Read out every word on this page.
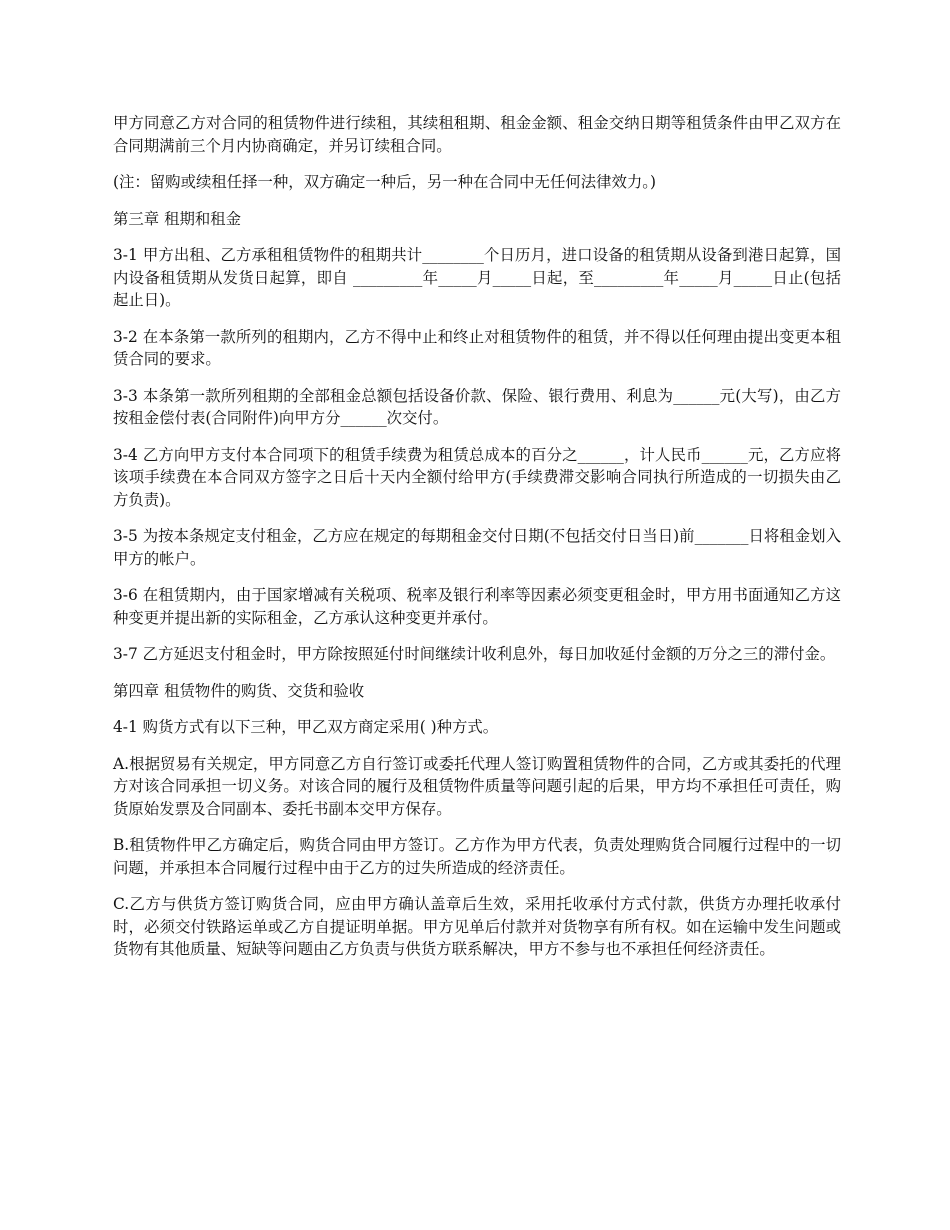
甲方同意乙方对合同的租赁物件进行续租，其续租租期、租金金额、租金交纳日期等租赁条件由甲乙双方在合同期满前三个月内协商确定，并另订续租合同。

(注：留购或续租任择一种，双方确定一种后，另一种在合同中无任何法律效力。)

第三章 租期和租金

3-1 甲方出租、乙方承租租赁物件的租期共计________个日历月，进口设备的租赁期从设备到港日起算，国内设备租赁期从发货日起算，即自 _________年_____月_____日起，至_________年_____月_____日止(包括起止日)。

3-2 在本条第一款所列的租期内，乙方不得中止和终止对租赁物件的租赁，并不得以任何理由提出变更本租赁合同的要求。

3-3 本条第一款所列租期的全部租金总额包括设备价款、保险、银行费用、利息为______元(大写)，由乙方按租金偿付表(合同附件)向甲方分______次交付。

3-4 乙方向甲方支付本合同项下的租赁手续费为租赁总成本的百分之______，计人民币______元，乙方应将该项手续费在本合同双方签字之日后十天内全额付给甲方(手续费滞交影响合同执行所造成的一切损失由乙方负责)。

3-5 为按本条规定支付租金，乙方应在规定的每期租金交付日期(不包括交付日当日)前_______日将租金划入甲方的帐户。

3-6 在租赁期内，由于国家增减有关税项、税率及银行利率等因素必须变更租金时，甲方用书面通知乙方这种变更并提出新的实际租金，乙方承认这种变更并承付。

3-7 乙方延迟支付租金时，甲方除按照延付时间继续计收利息外，每日加收延付金额的万分之三的滞付金。

第四章 租赁物件的购货、交货和验收

4-1 购货方式有以下三种，甲乙双方商定采用( )种方式。

A.根据贸易有关规定，甲方同意乙方自行签订或委托代理人签订购置租赁物件的合同，乙方或其委托的代理方对该合同承担一切义务。对该合同的履行及租赁物件质量等问题引起的后果，甲方均不承担任可责任，购货原始发票及合同副本、委托书副本交甲方保存。

B.租赁物件甲乙方确定后，购货合同由甲方签订。乙方作为甲方代表，负责处理购货合同履行过程中的一切问题，并承担本合同履行过程中由于乙方的过失所造成的经济责任。

C.乙方与供货方签订购货合同，应由甲方确认盖章后生效，采用托收承付方式付款，供货方办理托收承付时，必须交付铁路运单或乙方自提证明单据。甲方见单后付款并对货物享有所有权。如在运输中发生问题或货物有其他质量、短缺等问题由乙方负责与供货方联系解决，甲方不参与也不承担任何经济责任。
